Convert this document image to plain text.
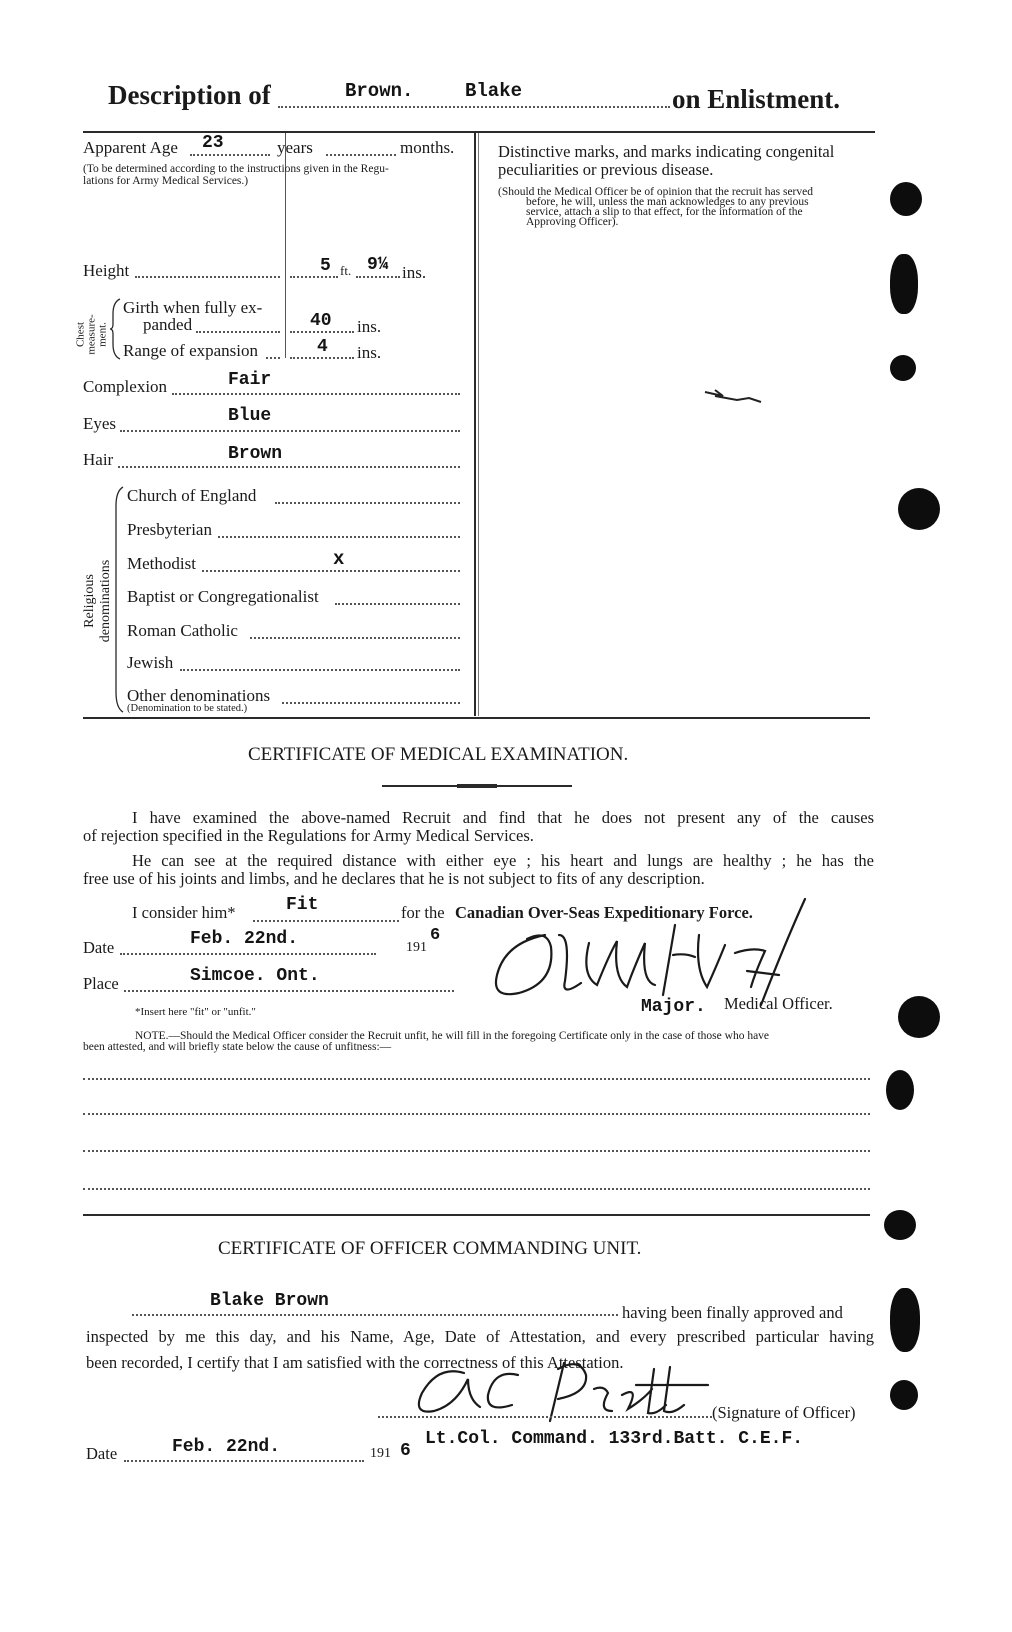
Description of	Brown.	Blake	on Enlistment.
Apparent Age 23	years	months.
(To be determined according to the instructions given in the Regu-
lations for Army Medical Services.)
Height	5 ft. 9¼ ins.
Chest measure- ment.
Girth when fully ex-
panded	40 ins.
Range of expansion	4 ins.
Complexion	Fair
Eyes	Blue
Hair	Brown
Religious denominations
Church of England
Presbyterian
Methodist	x
Baptist or Congregationalist
Roman Catholic
Jewish
Other denominations
(Denomination to be stated.)
Distinctive marks, and marks indicating congenital
peculiarities or previous disease.
(Should the Medical Officer be of opinion that the recruit has served
before, he will, unless the man acknowledges to any previous
service, attach a slip to that effect, for the information of the
Approving Officer).
CERTIFICATE OF MEDICAL EXAMINATION.
I have examined the above-named Recruit and find that he does not present any of the causes
of rejection specified in the Regulations for Army Medical Services.
He can see at the required distance with either eye ; his heart and lungs are healthy ; he has the
free use of his joints and limbs, and he declares that he is not subject to fits of any description.
I consider him*	Fit	for the Canadian Over-Seas Expeditionary Force.
Date	Feb. 22nd.	191
6
Place	Simcoe. Ont.
*Insert here "fit" or "unfit."	Major. Medical Officer.
NOTE.—Should the Medical Officer consider the Recruit unfit, he will fill in the foregoing Certificate only in the case of those who have
been attested, and will briefly state below the cause of unfitness:—
CERTIFICATE OF OFFICER COMMANDING UNIT.
Blake Brown
having been finally approved and
inspected by me this day, and his Name, Age, Date of Attestation, and every prescribed particular having
been recorded, I certify that I am satisfied with the correctness of this Attestation.
(Signature of Officer)
Date	Feb. 22nd.	191 6
Lt.Col. Command. 133rd.Batt. C.E.F.
